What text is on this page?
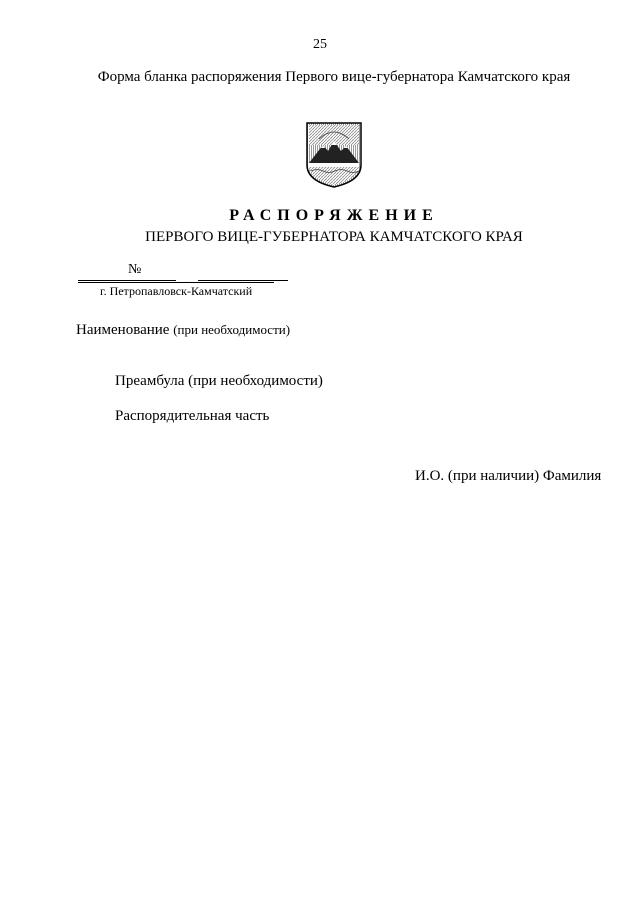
25
Форма бланка распоряжения Первого вице-губернатора Камчатского края
РАСПОРЯЖЕНИЕ
ПЕРВОГО ВИЦЕ-ГУБЕРНАТОРА КАМЧАТСКОГО КРАЯ
№
г. Петропавловск-Камчатский
Наименование (при необходимости)
Преамбула (при необходимости)
Распорядительная часть
И.О. (при наличии) Фамилия
